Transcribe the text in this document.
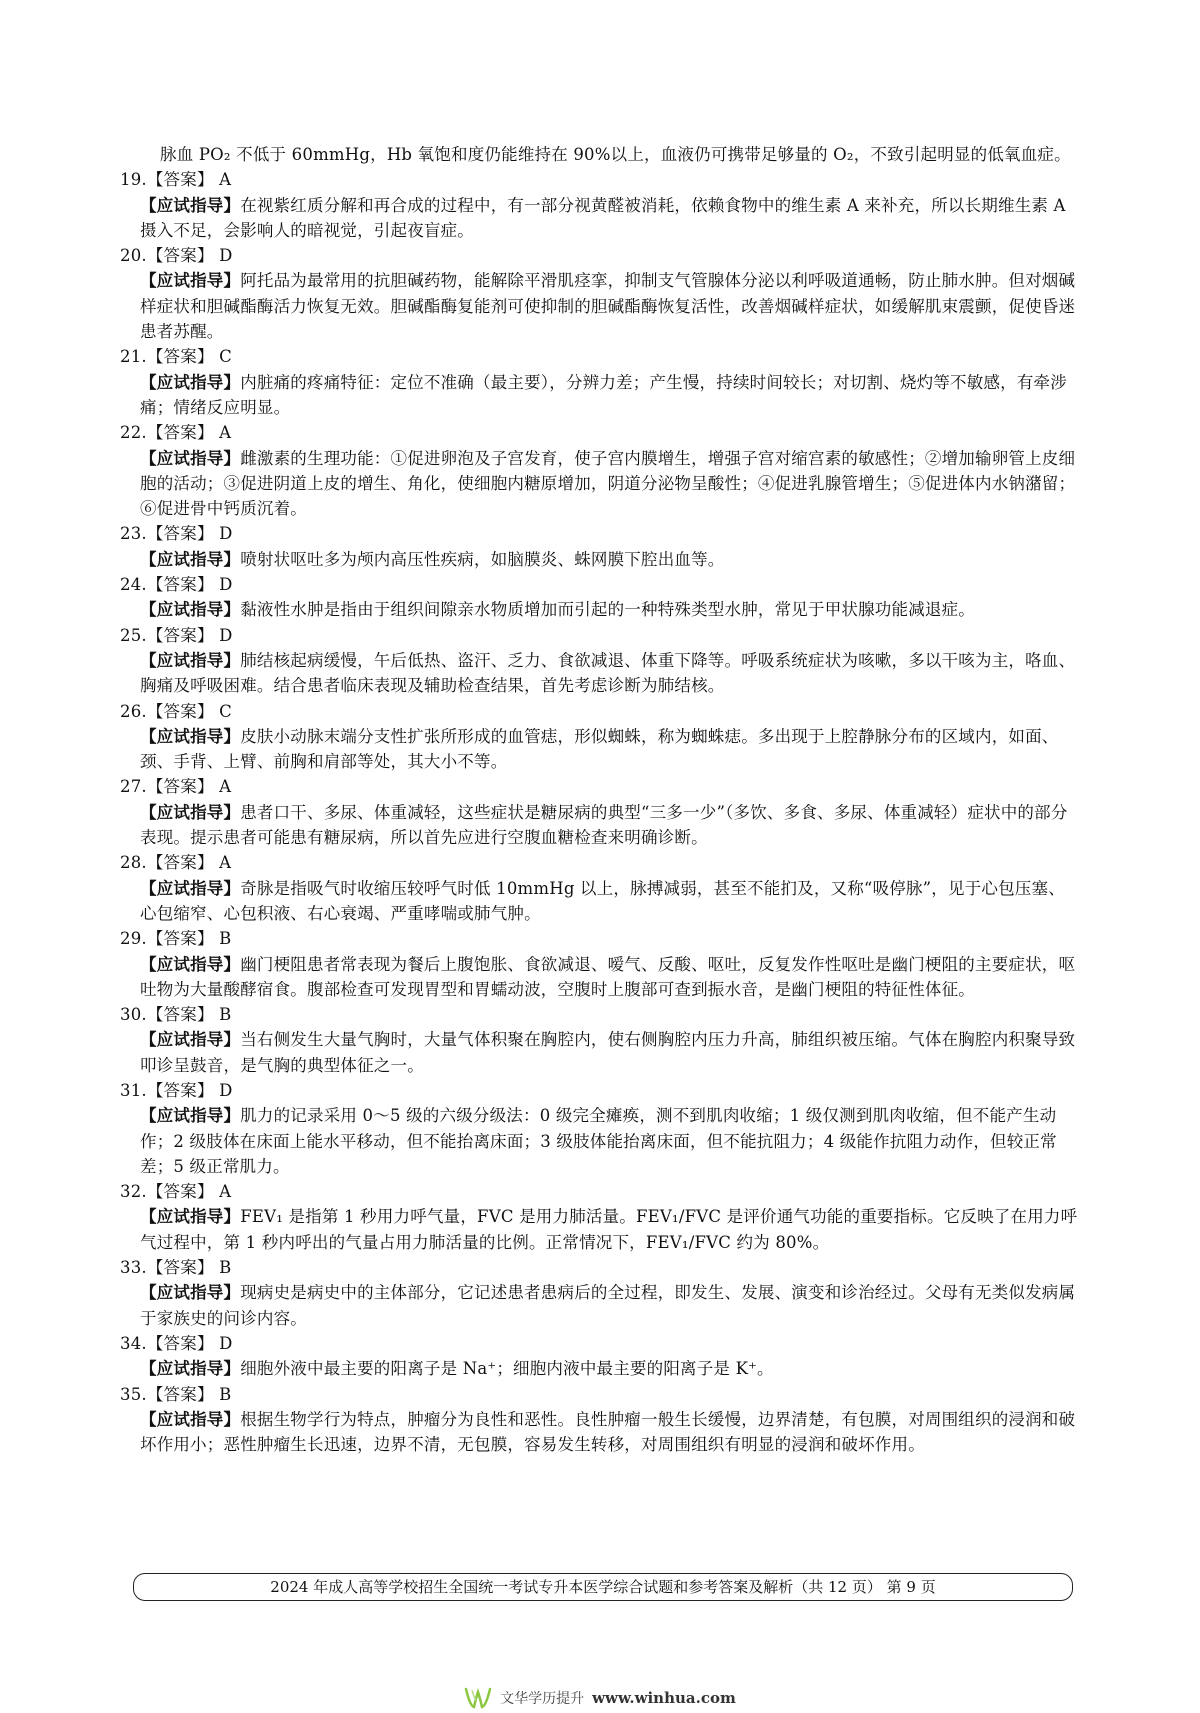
脉血 PO₂ 不低于 60mmHg，Hb 氧饱和度仍能维持在 90%以上，血液仍可携带足够量的 O₂，不致引起明显的低氧血症。

19.【答案】 A

【应试指导】在视紫红质分解和再合成的过程中，有一部分视黄醛被消耗，依赖食物中的维生素 A 来补充，所以长期维生素 A 摄入不足，会影响人的暗视觉，引起夜盲症。

20.【答案】 D

【应试指导】阿托品为最常用的抗胆碱药物，能解除平滑肌痉挛，抑制支气管腺体分泌以利呼吸道通畅，防止肺水肿。但对烟碱样症状和胆碱酯酶活力恢复无效。胆碱酯酶复能剂可使抑制的胆碱酯酶恢复活性，改善烟碱样症状，如缓解肌束震颤，促使昏迷患者苏醒。

21.【答案】 C

【应试指导】内脏痛的疼痛特征：定位不准确（最主要），分辨力差；产生慢，持续时间较长；对切割、烧灼等不敏感，有牵涉痛；情绪反应明显。

22.【答案】 A

【应试指导】雌激素的生理功能：①促进卵泡及子宫发育，使子宫内膜增生，增强子宫对缩宫素的敏感性；②增加输卵管上皮细胞的活动；③促进阴道上皮的增生、角化，使细胞内糖原增加，阴道分泌物呈酸性；④促进乳腺管增生；⑤促进体内水钠潴留；⑥促进骨中钙质沉着。

23.【答案】 D

【应试指导】喷射状呕吐多为颅内高压性疾病，如脑膜炎、蛛网膜下腔出血等。

24.【答案】 D

【应试指导】黏液性水肿是指由于组织间隙亲水物质增加而引起的一种特殊类型水肿，常见于甲状腺功能减退症。

25.【答案】 D

【应试指导】肺结核起病缓慢，午后低热、盗汗、乏力、食欲减退、体重下降等。呼吸系统症状为咳嗽，多以干咳为主，咯血、胸痛及呼吸困难。结合患者临床表现及辅助检查结果，首先考虑诊断为肺结核。

26.【答案】 C

【应试指导】皮肤小动脉末端分支性扩张所形成的血管痣，形似蜘蛛，称为蜘蛛痣。多出现于上腔静脉分布的区域内，如面、颈、手背、上臂、前胸和肩部等处，其大小不等。

27.【答案】 A

【应试指导】患者口干、多尿、体重减轻，这些症状是糖尿病的典型“三多一少”（多饮、多食、多尿、体重减轻）症状中的部分表现。提示患者可能患有糖尿病，所以首先应进行空腹血糖检查来明确诊断。

28.【答案】 A

【应试指导】奇脉是指吸气时收缩压较呼气时低 10mmHg 以上，脉搏减弱，甚至不能扪及，又称“吸停脉”，见于心包压塞、心包缩窄、心包积液、右心衰竭、严重哮喘或肺气肿。

29.【答案】 B

【应试指导】幽门梗阻患者常表现为餐后上腹饱胀、食欲减退、嗳气、反酸、呕吐，反复发作性呕吐是幽门梗阻的主要症状，呕吐物为大量酸酵宿食。腹部检查可发现胃型和胃蠕动波，空腹时上腹部可查到振水音，是幽门梗阻的特征性体征。

30.【答案】 B

【应试指导】当右侧发生大量气胸时，大量气体积聚在胸腔内，使右侧胸腔内压力升高，肺组织被压缩。气体在胸腔内积聚导致叩诊呈鼓音，是气胸的典型体征之一。

31.【答案】 D

【应试指导】肌力的记录采用 0～5 级的六级分级法：0 级完全瘫痪，测不到肌肉收缩；1 级仅测到肌肉收缩，但不能产生动作；2 级肢体在床面上能水平移动，但不能抬离床面；3 级肢体能抬离床面，但不能抗阻力；4 级能作抗阻力动作，但较正常差；5 级正常肌力。

32.【答案】 A

【应试指导】FEV₁ 是指第 1 秒用力呼气量，FVC 是用力肺活量。FEV₁/FVC 是评价通气功能的重要指标。它反映了在用力呼气过程中，第 1 秒内呼出的气量占用力肺活量的比例。正常情况下，FEV₁/FVC 约为 80%。

33.【答案】 B

【应试指导】现病史是病史中的主体部分，它记述患者患病后的全过程，即发生、发展、演变和诊治经过。父母有无类似发病属于家族史的问诊内容。

34.【答案】 D

【应试指导】细胞外液中最主要的阳离子是 Na⁺；细胞内液中最主要的阳离子是 K⁺。

35.【答案】 B

【应试指导】根据生物学行为特点，肿瘤分为良性和恶性。良性肿瘤一般生长缓慢，边界清楚，有包膜，对周围组织的浸润和破坏作用小；恶性肿瘤生长迅速，边界不清，无包膜，容易发生转移，对周围组织有明显的浸润和破坏作用。

2024 年成人高等学校招生全国统一考试专升本医学综合试题和参考答案及解析（共 12 页） 第 9 页
文华学历提升 www.winhua.com
